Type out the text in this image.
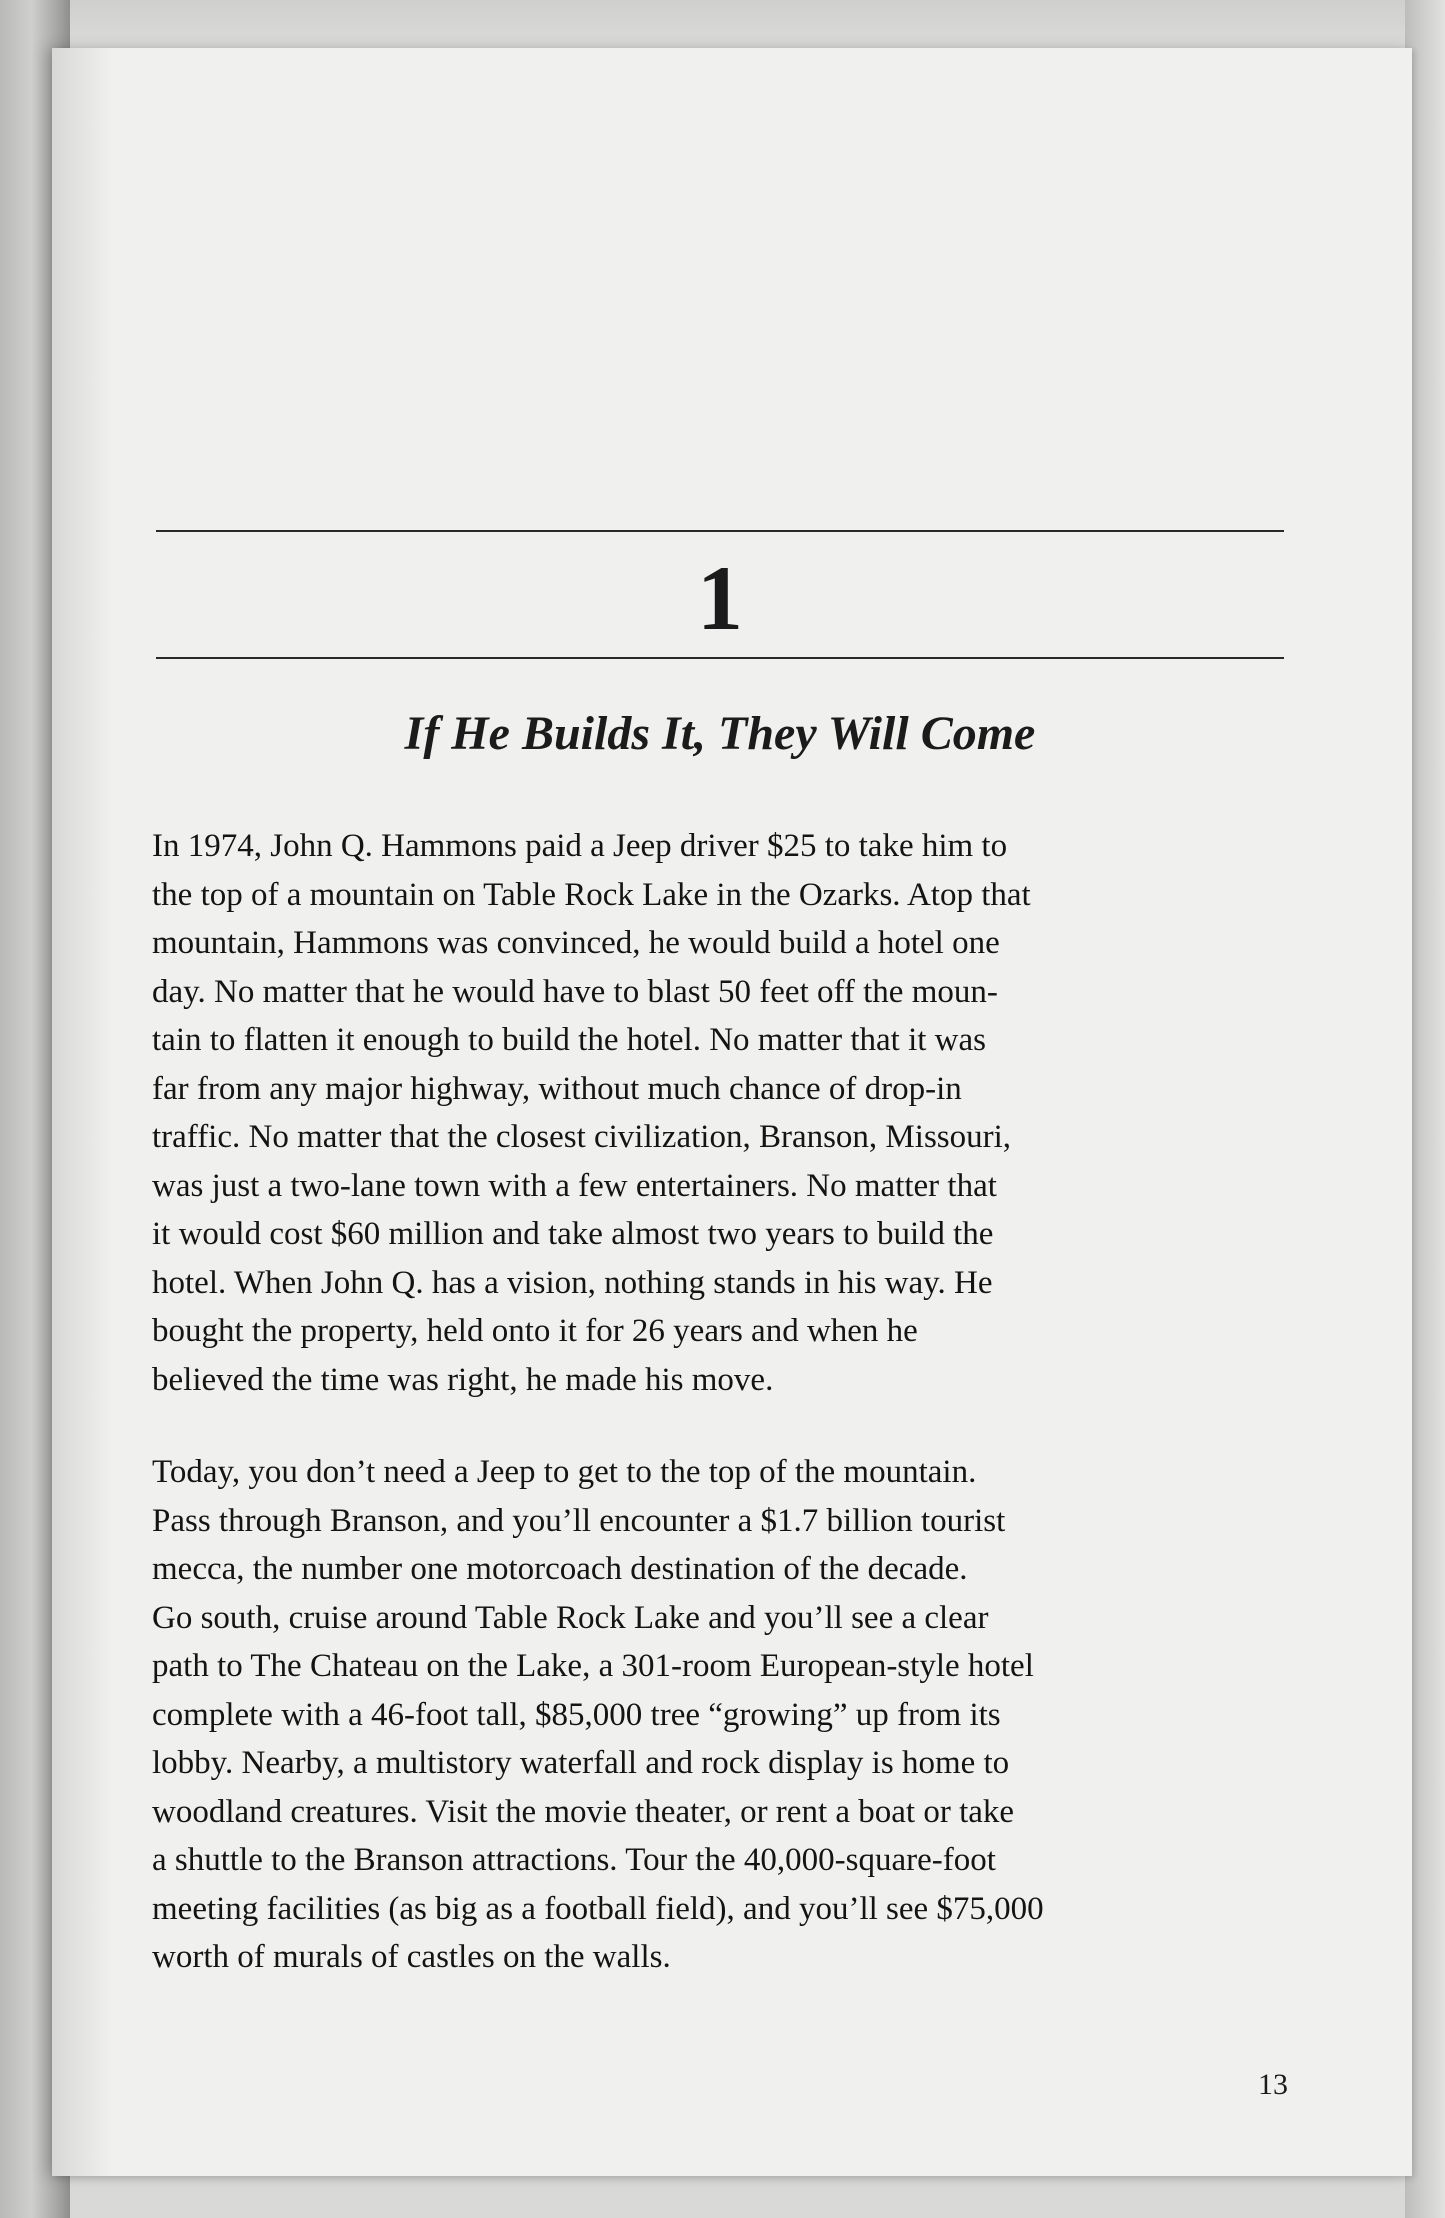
1
If He Builds It, They Will Come
In 1974, John Q. Hammons paid a Jeep driver $25 to take him to
the top of a mountain on Table Rock Lake in the Ozarks. Atop that
mountain, Hammons was convinced, he would build a hotel one
day. No matter that he would have to blast 50 feet off the moun-
tain to flatten it enough to build the hotel. No matter that it was
far from any major highway, without much chance of drop-in
traffic. No matter that the closest civilization, Branson, Missouri,
was just a two-lane town with a few entertainers. No matter that
it would cost $60 million and take almost two years to build the
hotel. When John Q. has a vision, nothing stands in his way. He
bought the property, held onto it for 26 years and when he
believed the time was right, he made his move.
Today, you don’t need a Jeep to get to the top of the mountain.
Pass through Branson, and you’ll encounter a $1.7 billion tourist
mecca, the number one motorcoach destination of the decade.
Go south, cruise around Table Rock Lake and you’ll see a clear
path to The Chateau on the Lake, a 301-room European-style hotel
complete with a 46-foot tall, $85,000 tree “growing” up from its
lobby. Nearby, a multistory waterfall and rock display is home to
woodland creatures. Visit the movie theater, or rent a boat or take
a shuttle to the Branson attractions. Tour the 40,000-square-foot
meeting facilities (as big as a football field), and you’ll see $75,000
worth of murals of castles on the walls.
13
